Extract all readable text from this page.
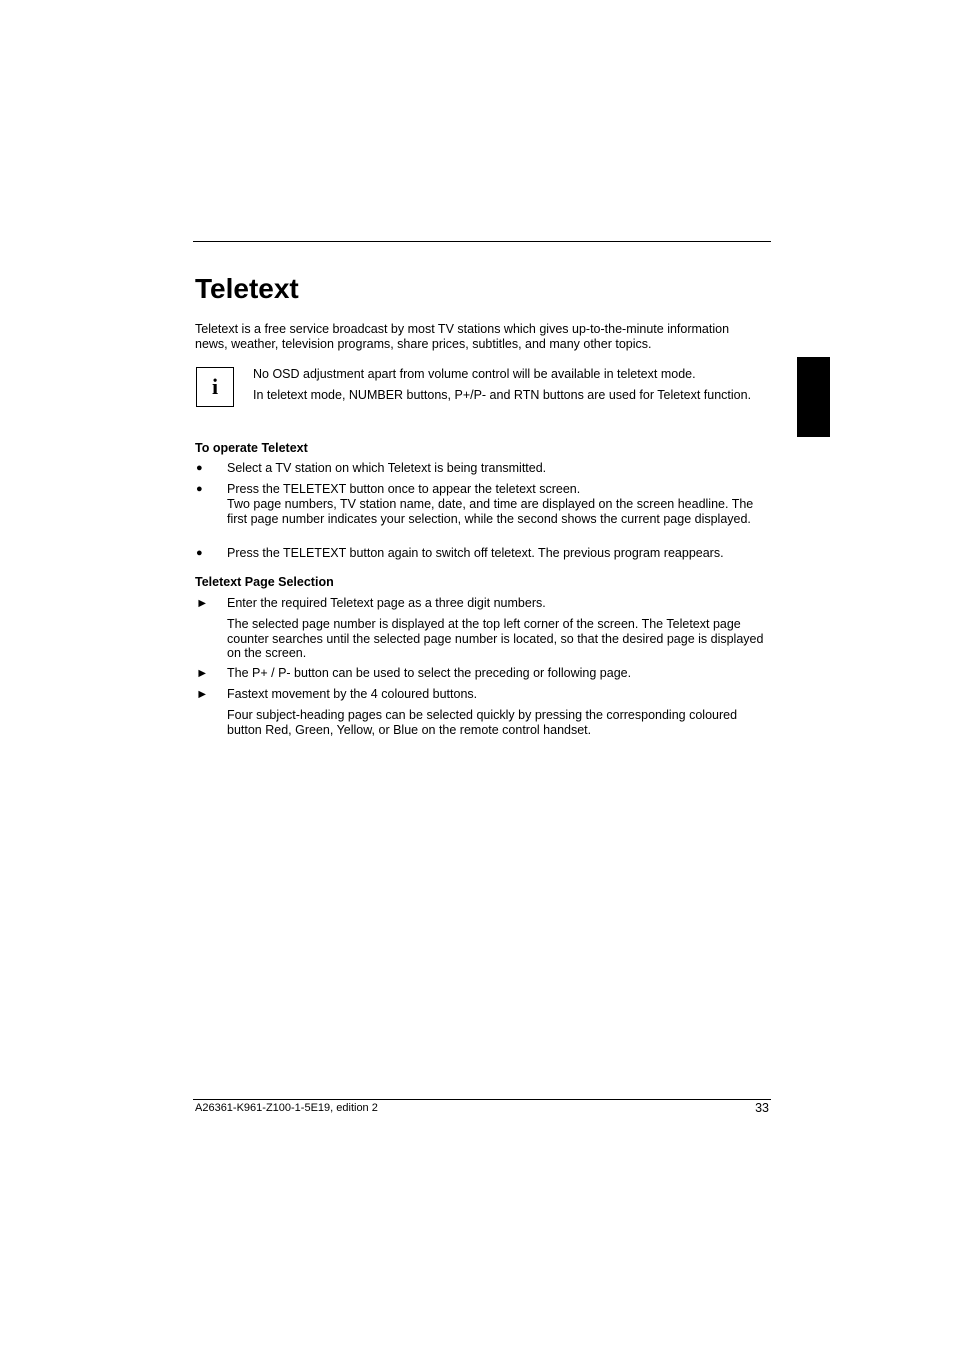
Teletext

Teletext is a free service broadcast by most TV stations which gives up-to-the-minute information news, weather, television programs, share prices, subtitles, and many other topics.

i	No OSD adjustment apart from volume control will be available in teletext mode.

In teletext mode, NUMBER buttons, P+/P- and RTN buttons are used for Teletext function.

To operate Teletext

●	Select a TV station on which Teletext is being transmitted.

●	Press the TELETEXT button once to appear the teletext screen.

Two page numbers, TV station name, date, and time are displayed on the screen headline. The first page number indicates your selection, while the second shows the current page displayed.

●	Press the TELETEXT button again to switch off teletext. The previous program reappears.

Teletext Page Selection

►	Enter the required Teletext page as a three digit numbers.

The selected page number is displayed at the top left corner of the screen. The Teletext page counter searches until the selected page number is located, so that the desired page is displayed on the screen.

►	The P+ / P- button can be used to select the preceding or following page.

►	Fastext movement by the 4 coloured buttons.

Four subject-heading pages can be selected quickly by pressing the corresponding coloured button Red, Green, Yellow, or Blue on the remote control handset.

A26361-K961-Z100-1-5E19, edition 2	33
